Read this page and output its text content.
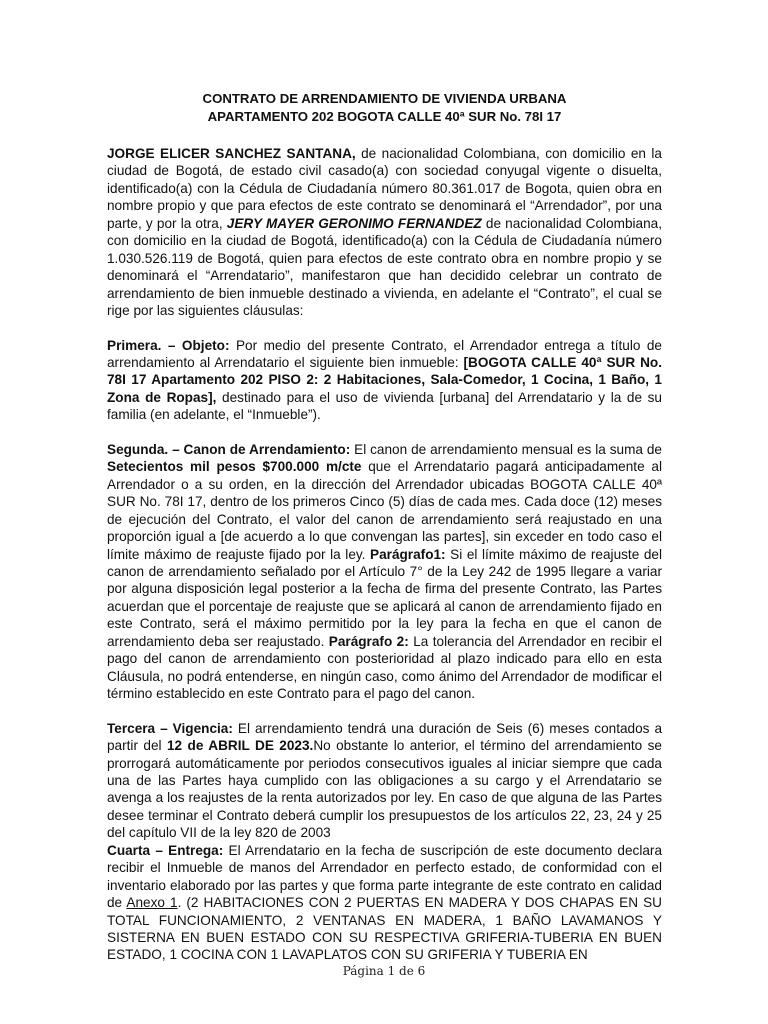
CONTRATO DE ARRENDAMIENTO DE VIVIENDA URBANA

APARTAMENTO 202 BOGOTA CALLE 40ª SUR No. 78I 17

JORGE ELICER SANCHEZ SANTANA, de nacionalidad Colombiana, con domicilio en la ciudad de Bogotá, de estado civil casado(a) con sociedad conyugal vigente o disuelta, identificado(a) con la Cédula de Ciudadanía número 80.361.017 de Bogota, quien obra en nombre propio y que para efectos de este contrato se denominará el “Arrendador”, por una parte, y por la otra, JERY MAYER GERONIMO FERNANDEZ de nacionalidad Colombiana, con domicilio en la ciudad de Bogotá, identificado(a) con la Cédula de Ciudadanía número 1.030.526.119 de Bogotá, quien para efectos de este contrato obra en nombre propio y se denominará el “Arrendatario”, manifestaron que han decidido celebrar un contrato de arrendamiento de bien inmueble destinado a vivienda, en adelante el “Contrato”, el cual se rige por las siguientes cláusulas:

Primera. – Objeto: Por medio del presente Contrato, el Arrendador entrega a título de arrendamiento al Arrendatario el siguiente bien inmueble: [BOGOTA CALLE 40ª SUR No. 78I 17 Apartamento 202 PISO 2: 2 Habitaciones, Sala-Comedor, 1 Cocina, 1 Baño, 1 Zona de Ropas], destinado para el uso de vivienda [urbana] del Arrendatario y la de su familia (en adelante, el “Inmueble”).

Segunda. – Canon de Arrendamiento: El canon de arrendamiento mensual es la suma de Setecientos mil pesos $700.000 m/cte que el Arrendatario pagará anticipadamente al Arrendador o a su orden, en la dirección del Arrendador ubicadas BOGOTA CALLE 40ª SUR No. 78I 17, dentro de los primeros Cinco (5) días de cada mes. Cada doce (12) meses de ejecución del Contrato, el valor del canon de arrendamiento será reajustado en una proporción igual a [de acuerdo a lo que convengan las partes], sin exceder en todo caso el límite máximo de reajuste fijado por la ley. Parágrafo1: Si el límite máximo de reajuste del canon de arrendamiento señalado por el Artículo 7° de la Ley 242 de 1995 llegare a variar por alguna disposición legal posterior a la fecha de firma del presente Contrato, las Partes acuerdan que el porcentaje de reajuste que se aplicará al canon de arrendamiento fijado en este Contrato, será el máximo permitido por la ley para la fecha en que el canon de arrendamiento deba ser reajustado. Parágrafo 2: La tolerancia del Arrendador en recibir el pago del canon de arrendamiento con posterioridad al plazo indicado para ello en esta Cláusula, no podrá entenderse, en ningún caso, como ánimo del Arrendador de modificar el término establecido en este Contrato para el pago del canon.

Tercera – Vigencia: El arrendamiento tendrá una duración de Seis (6) meses contados a partir del 12 de ABRIL DE 2023.No obstante lo anterior, el término del arrendamiento se prorrogará automáticamente por periodos consecutivos iguales al iniciar siempre que cada una de las Partes haya cumplido con las obligaciones a su cargo y el Arrendatario se avenga a los reajustes de la renta autorizados por ley. En caso de que alguna de las Partes desee terminar el Contrato deberá cumplir los presupuestos de los artículos 22, 23, 24 y 25 del capítulo VII de la ley 820 de 2003

Cuarta – Entrega: El Arrendatario en la fecha de suscripción de este documento declara recibir el Inmueble de manos del Arrendador en perfecto estado, de conformidad con el inventario elaborado por las partes y que forma parte integrante de este contrato en calidad de Anexo 1. (2 HABITACIONES CON 2 PUERTAS EN MADERA Y DOS CHAPAS EN SU TOTAL FUNCIONAMIENTO, 2 VENTANAS EN MADERA, 1 BAÑO LAVAMANOS Y SISTERNA EN BUEN ESTADO CON SU RESPECTIVA GRIFERIA-TUBERIA EN BUEN ESTADO, 1 COCINA CON 1 LAVAPLATOS CON SU GRIFERIA Y TUBERIA EN

Página 1 de 6
